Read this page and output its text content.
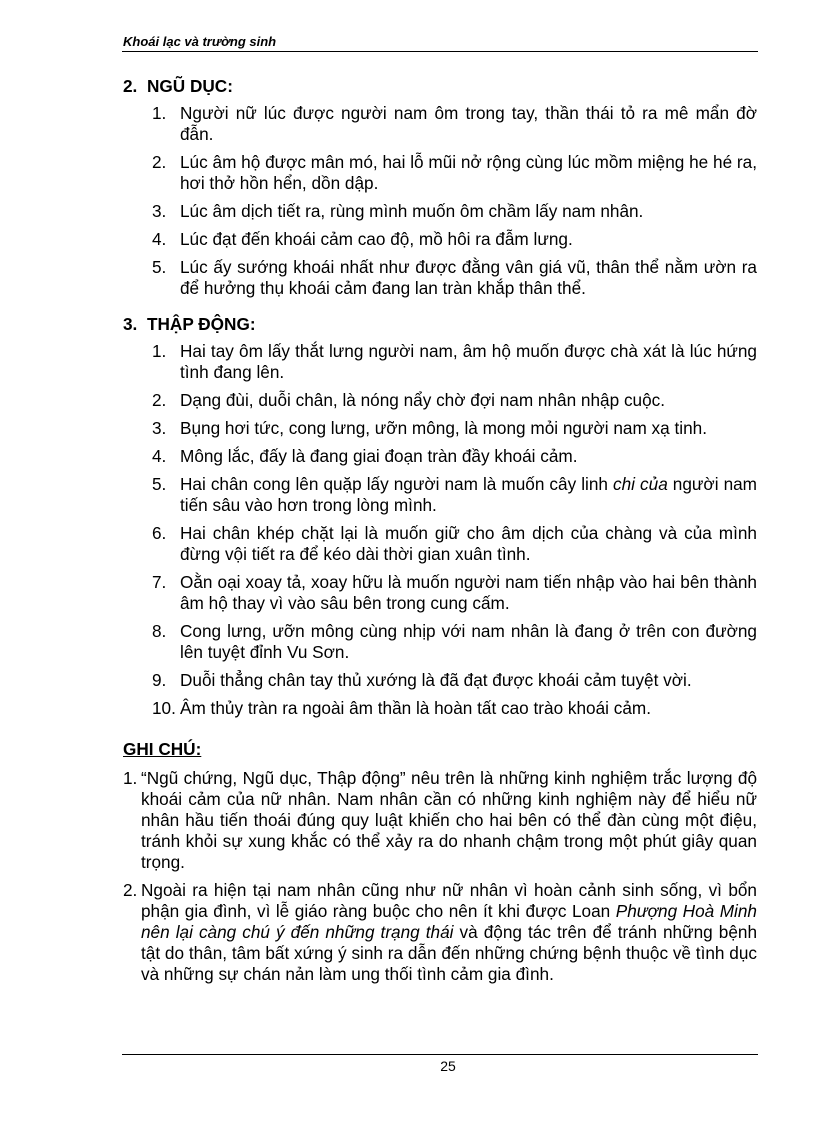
Khoái lạc và trường sinh
2. NGŨ DỤC:
1. Người nữ lúc được người nam ôm trong tay, thần thái tỏ ra mê mẩn đờ đẫn.
2. Lúc âm hộ được mân mó, hai lỗ mũi nở rộng cùng lúc mồm miệng he hé ra, hơi thở hồn hển, dồn dập.
3. Lúc âm dịch tiết ra, rùng mình muốn ôm chầm lấy nam nhân.
4. Lúc đạt đến khoái cảm cao độ, mồ hôi ra đẫm lưng.
5. Lúc ấy sướng khoái nhất như được đằng vân giá vũ, thân thể nằm ườn ra để hưởng thụ khoái cảm đang lan tràn khắp thân thể.
3. THẬP ĐỘNG:
1. Hai tay ôm lấy thắt lưng người nam, âm hộ muốn được chà xát là lúc hứng tình đang lên.
2. Dạng đùi, duỗi chân, là nóng nẩy chờ đợi nam nhân nhập cuộc.
3. Bụng hơi tức, cong lưng, ưỡn mông, là mong mỏi người nam xạ tinh.
4. Mông lắc, đấy là đang giai đoạn tràn đầy khoái cảm.
5. Hai chân cong lên quặp lấy người nam là muốn cây linh chi của người nam tiến sâu vào hơn trong lòng mình.
6. Hai chân khép chặt lại là muốn giữ cho âm dịch của chàng và của mình đừng vội tiết ra để kéo dài thời gian xuân tình.
7. Oằn oại xoay tả, xoay hữu là muốn người nam tiến nhập vào hai bên thành âm hộ thay vì vào sâu bên trong cung cấm.
8. Cong lưng, ưỡn mông cùng nhịp với nam nhân là đang ở trên con đường lên tuyệt đỉnh Vu Sơn.
9. Duỗi thẳng chân tay thủ xướng là đã đạt được khoái cảm tuyệt vời.
10. Âm thủy tràn ra ngoài âm thần là hoàn tất cao trào khoái cảm.
GHI CHÚ:
1. “Ngũ chứng, Ngũ dục, Thập động” nêu trên là những kinh nghiệm trắc lượng độ khoái cảm của nữ nhân. Nam nhân cần có những kinh nghiệm này để hiểu nữ nhân hầu tiến thoái đúng quy luật khiến cho hai bên có thể đàn cùng một điệu, tránh khỏi sự xung khắc có thể xảy ra do nhanh chậm trong một phút giây quan trọng.
2. Ngoài ra hiện tại nam nhân cũng như nữ nhân vì hoàn cảnh sinh sống, vì bổn phận gia đình, vì lễ giáo ràng buộc cho nên ít khi được Loan Phượng Hoà Minh nên lại càng chú ý đến những trạng thái và động tác trên để tránh những bệnh tật do thân, tâm bất xứng ý sinh ra dẫn đến những chứng bệnh thuộc về tình dục và những sự chán nản làm ung thối tình cảm gia đình.
25
